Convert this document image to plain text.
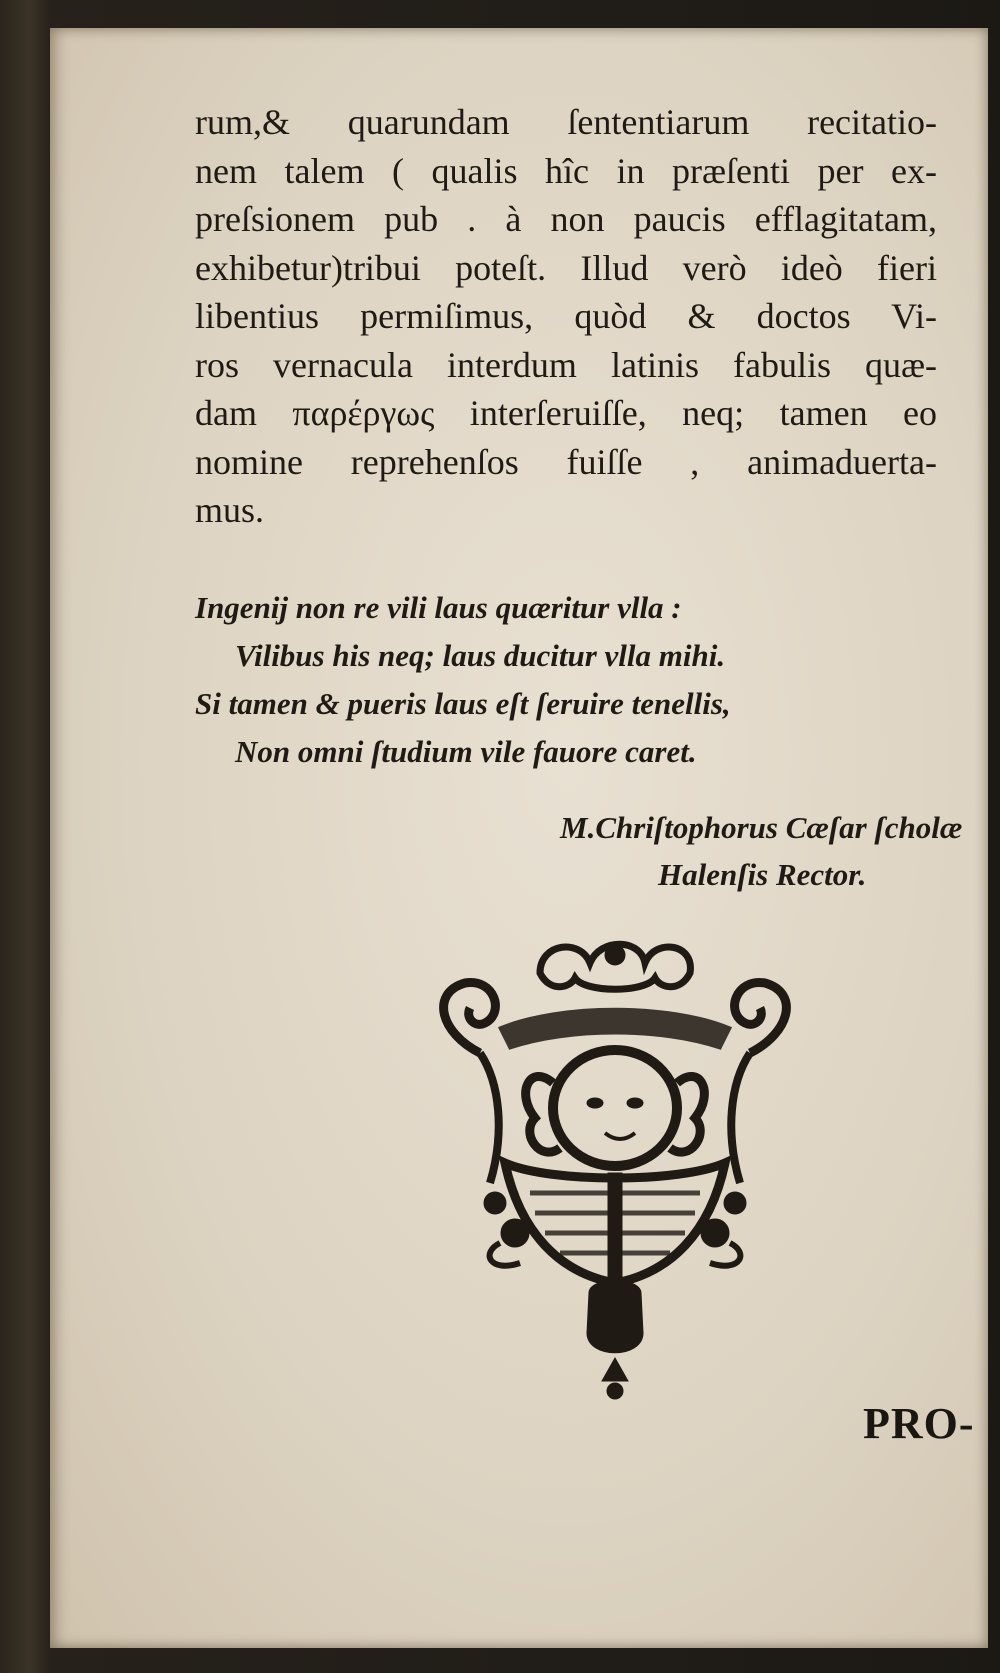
rum,& quarundam ſententiarum recitatio-
nem talem ( qualis hîc in præſenti per ex-
preſsionem pub . à non paucis efflagitatam,
exhibetur)tribui poteſt. Illud verò ideò fieri
libentius permiſimus, quòd & doctos Vi-
ros vernacula interdum latinis fabulis quæ-
dam παρέργως interſeruiſſe, neq; tamen eo
nomine reprehenſos fuiſſe , animaduerta-
mus.
Ingenij non re vili laus quæritur vlla :
Vilibus his neq; laus ducitur vlla mihi.
Si tamen & pueris laus eſt ſeruire tenellis,
Non omni ſtudium vile fauore caret.
M.Chriſtophorus Cæſar ſcholæ
Halenſis Rector.
PRO-
